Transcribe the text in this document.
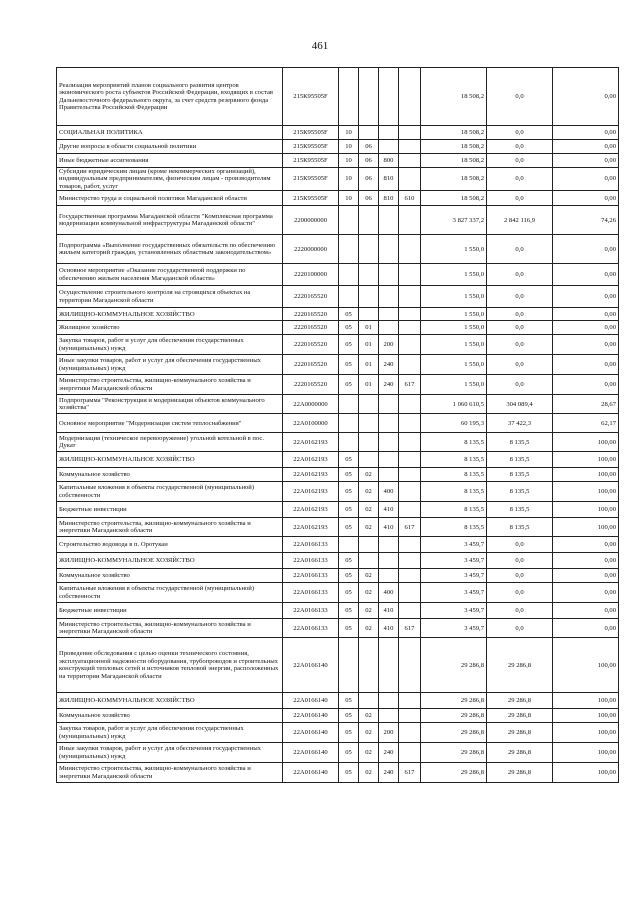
461
Реализация мероприятий планов социального развития центров экономического роста субъектов Российской Федерации, входящих в состав Дальневосточного федерального округа, за счет средств резервного фонда Правительства Российской Федерации	215К95505F					18 508,2	0,0	0,00
СОЦИАЛЬНАЯ ПОЛИТИКА	215К95505F	10				18 508,2	0,0	0,00
Другие вопросы в области социальной политики	215К95505F	10	06			18 508,2	0,0	0,00
Иные бюджетные ассигнования	215К95505F	10	06	800		18 508,2	0,0	0,00
Субсидии юридическим лицам (кроме некоммерческих организаций), индивидуальным предпринимателям, физическим лицам - производителям товаров, работ, услуг	215К95505F	10	06	810		18 508,2	0,0	0,00
Министерство труда и социальной политики Магаданской области	215К95505F	10	06	810	610	18 508,2	0,0	0,00
Государственная программа Магаданской области "Комплексная программа модернизации коммунальной инфраструктуры Магаданской области"	2200000000					3 827 337,2	2 842 116,9	74,26
Подпрограмма «Выполнение государственных обязательств по обеспечению жильем категорий граждан, установленных областным законодательством»	2220000000					1 550,0	0,0	0,00
Основное мероприятие «Оказание государственной поддержки по обеспечению жильем населения Магаданской области»	2220100000					1 550,0	0,0	0,00
Осуществление строительного контроля на строящихся объектах на территории Магаданской области	2220165520					1 550,0	0,0	0,00
ЖИЛИЩНО-КОММУНАЛЬНОЕ ХОЗЯЙСТВО	2220165520	05				1 550,0	0,0	0,00
Жилищное хозяйство	2220165520	05	01			1 550,0	0,0	0,00
Закупка товаров, работ и услуг для обеспечения государственных (муниципальных) нужд	2220165520	05	01	200		1 550,0	0,0	0,00
Иные закупки товаров, работ и услуг для обеспечения государственных (муниципальных) нужд	2220165520	05	01	240		1 550,0	0,0	0,00
Министерство строительства, жилищно-коммунального хозяйства и энергетики Магаданской области	2220165520	05	01	240	617	1 550,0	0,0	0,00
Подпрограмма "Реконструкция и модернизация объектов коммунального хозяйства"	22А0000000					1 060 610,5	304 089,4	28,67
Основное мероприятие "Модернизация систем теплоснабжения"	22А0100000					60 195,3	37 422,3	62,17
Модернизация (техническое перевооружение) угольной котельной в пос. Дукат	22А0162193					8 135,5	8 135,5	100,00
ЖИЛИЩНО-КОММУНАЛЬНОЕ ХОЗЯЙСТВО	22А0162193	05				8 135,5	8 135,5	100,00
Коммунальное хозяйство	22А0162193	05	02			8 135,5	8 135,5	100,00
Капитальные вложения в объекты государственной (муниципальной) собственности	22А0162193	05	02	400		8 135,5	8 135,5	100,00
Бюджетные инвестиции	22А0162193	05	02	410		8 135,5	8 135,5	100,00
Министерство строительства, жилищно-коммунального хозяйства и энергетики Магаданской области	22А0162193	05	02	410	617	8 135,5	8 135,5	100,00
Строительство водовода в п. Оротукан	22А0166133					3 459,7	0,0	0,00
ЖИЛИЩНО-КОММУНАЛЬНОЕ ХОЗЯЙСТВО	22А0166133	05				3 459,7	0,0	0,00
Коммунальное хозяйство	22А0166133	05	02			3 459,7	0,0	0,00
Капитальные вложения в объекты государственной (муниципальной) собственности	22А0166133	05	02	400		3 459,7	0,0	0,00
Бюджетные инвестиции	22А0166133	05	02	410		3 459,7	0,0	0,00
Министерство строительства, жилищно-коммунального хозяйства и энергетики Магаданской области	22А0166133	05	02	410	617	3 459,7	0,0	0,00
Проведение обследования с целью оценки технического состояния, эксплуатационной надежности оборудования, трубопроводов и строительных конструкций тепловых сетей и источников тепловой энергии, расположенных на территории Магаданской области	22А0166140					29 286,8	29 286,8	100,00
ЖИЛИЩНО-КОММУНАЛЬНОЕ ХОЗЯЙСТВО	22А0166140	05				29 286,8	29 286,8	100,00
Коммунальное хозяйство	22А0166140	05	02			29 286,8	29 286,8	100,00
Закупка товаров, работ и услуг для обеспечения государственных (муниципальных) нужд	22А0166140	05	02	200		29 286,8	29 286,8	100,00
Иные закупки товаров, работ и услуг для обеспечения государственных (муниципальных) нужд	22А0166140	05	02	240		29 286,8	29 286,8	100,00
Министерство строительства, жилищно-коммунального хозяйства и энергетики Магаданской области	22А0166140	05	02	240	617	29 286,8	29 286,8	100,00
